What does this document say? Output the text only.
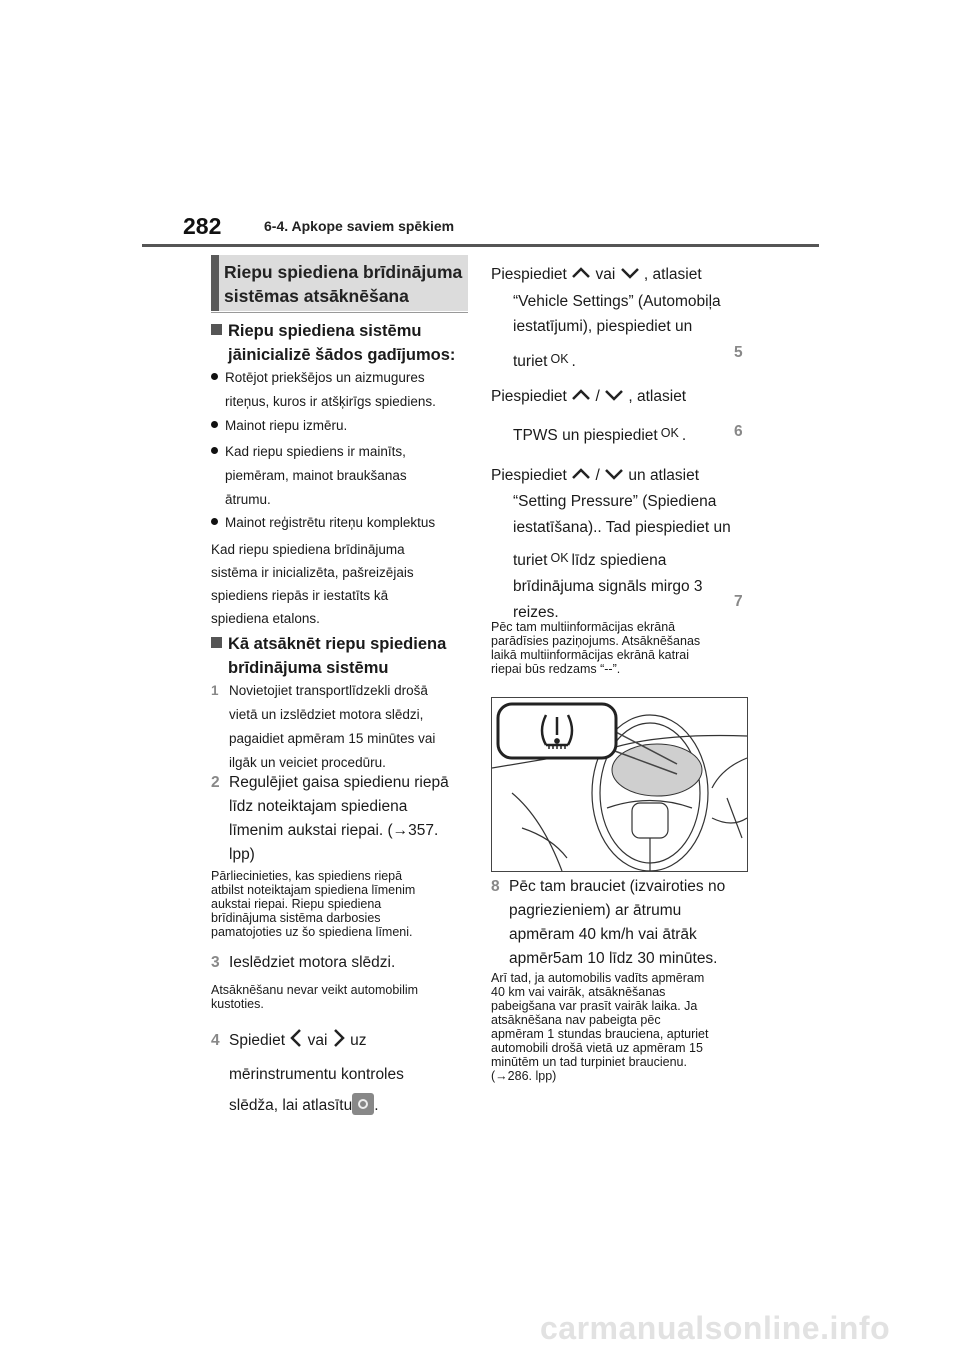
282	6-4. Apkope saviem spēkiem
Riepu spiediena brīdinājuma
sistēmas atsāknēšana
Riepu spiediena sistēmu
jāinicializē šādos gadījumos:
Rotējot priekšējos un aizmugures
riteņus, kuros ir atšķirīgs spiediens.
Mainot riepu izmēru.
Kad riepu spiediens ir mainīts,
piemēram, mainot braukšanas
ātrumu.
Mainot reģistrētu riteņu komplektus
Kad riepu spiediena brīdinājuma
sistēma ir inicializēta, pašreizējais
spiediens riepās ir iestatīts kā
spiediena etalons.
Kā atsāknēt riepu spiediena
brīdinājuma sistēmu
1 Novietojiet transportlīdzekli drošā
vietā un izslēdziet motora slēdzi,
pagaidiet apmēram 15 minūtes vai
ilgāk un veiciet procedūru.
2 Regulējiet gaisa spiedienu riepā
līdz noteiktajam spiediena
līmenim aukstai riepai. (→357.
lpp)
Pārliecinieties, kas spiediens riepā
atbilst noteiktajam spiediena līmenim
aukstai riepai. Riepu spiediena
brīdinājuma sistēma darbosies
pamatojoties uz šo spiediena līmeni.
3 Ieslēdziet motora slēdzi.
Atsāknēšanu nevar veikt automobilim
kustoties.
4 Spiediet vai uz
mērinstrumentu kontroles
slēdža, lai atlasītu .
Piespiediet vai , atlasiet
“Vehicle Settings” (Automobiļa
iestatījumi), piespiediet un
turiet OK .
5
Piespiediet / , atlasiet
TPWS un piespiediet OK .	6
Piespiediet / un atlasiet
“Setting Pressure” (Spiediena
iestatīšana).. Tad piespiediet un
turiet OK līdz spiediena
brīdinājuma signāls mirgo 3
reizes.
7
Pēc tam multiinformācijas ekrānā
parādīsies paziņojums. Atsāknēšanas
laikā multiinformācijas ekrānā katrai
riepai būs redzams “--”.
8 Pēc tam brauciet (izvairoties no
pagriezieniem) ar ātrumu
apmēram 40 km/h vai ātrāk
apmēr5am 10 līdz 30 minūtes.
Arī tad, ja automobilis vadīts apmēram
40 km vai vairāk, atsāknēšanas
pabeigšana var prasīt vairāk laika. Ja
atsāknēšana nav pabeigta pēc
apmēram 1 stundas brauciena, apturiet
automobili drošā vietā uz apmēram 15
minūtēm un tad turpiniet braucienu.
(→286. lpp)
carmanualsonline.info
